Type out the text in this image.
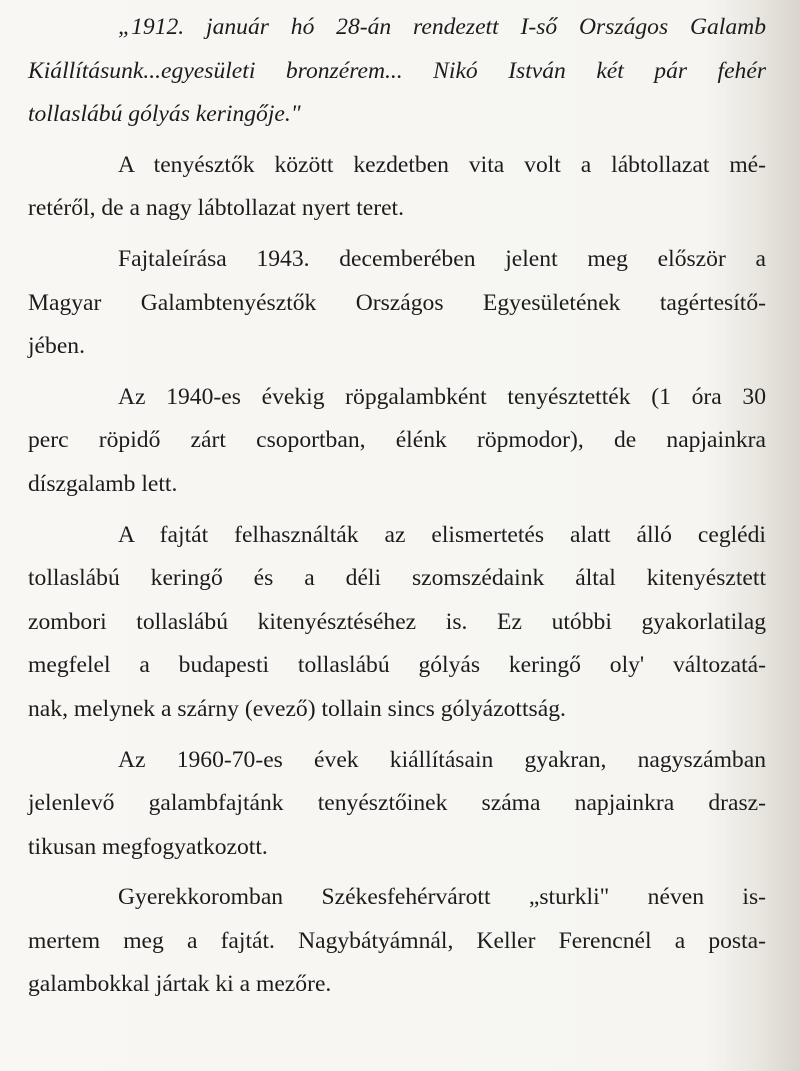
„1912. január hó 28-án rendezett I-ső Országos Galamb
Kiállításunk...egyesületi bronzérem... Nikó István két pár fehér
tollaslábú gólyás keringője."
A tenyésztők között kezdetben vita volt a lábtollazat mé-
retéről, de a nagy lábtollazat nyert teret.
Fajtaleírása 1943. decemberében jelent meg először a
Magyar Galambtenyésztők Országos Egyesületének tagértesítő-
jében.
Az 1940-es évekig röpgalambként tenyésztették (1 óra 30
perc röpidő zárt csoportban, élénk röpmodor), de napjainkra
díszgalamb lett.
A fajtát felhasználták az elismertetés alatt álló ceglédi
tollaslábú keringő és a déli szomszédaink által kitenyésztett
zombori tollaslábú kitenyésztéséhez is. Ez utóbbi gyakorlatilag
megfelel a budapesti tollaslábú gólyás keringő oly' változatá-
nak, melynek a szárny (evező) tollain sincs gólyázottság.
Az 1960-70-es évek kiállításain gyakran, nagyszámban
jelenlevő galambfajtánk tenyésztőinek száma napjainkra drasz-
tikusan megfogyatkozott.
Gyerekkoromban Székesfehérvárott „sturkli" néven is-
mertem meg a fajtát. Nagybátyámnál, Keller Ferencnél a posta-
galambokkal jártak ki a mezőre.
